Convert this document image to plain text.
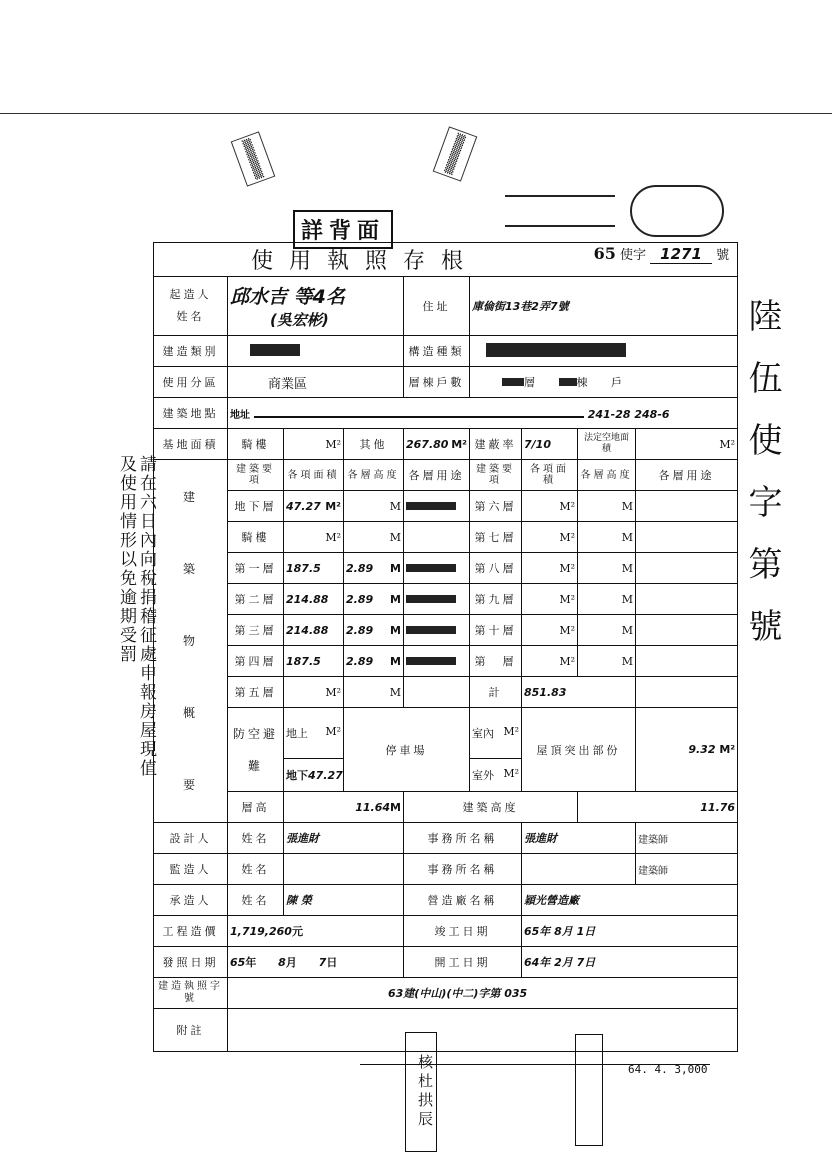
詳背面
▒
▒
▒
▒
▒
▒
請在六日內向稅捐稽征處申報房屋現值及使用情形以免逾期受罰	陸伍使字第號
使用執照存根 65 使字 1271 號								

起造人
姓名	邱水吉 等4名
(吳宏彬)			住址	庫倫街13巷2弄7號			
建造類別				構造種類				
使用分區	商業區			層棟戶數	層 棟 戶			
建築地點	地址 241-28 248-6							
基地面積	騎樓	M²	其他	267.80 M²	建蔽率	7/10	法定空地面積	M²

建
築
物
概
要	建築要項	各項面積	各層高度	各層用途	建築要項	各項面積	各層高度	各層用途
	地下層	47.27 M²	M		第六層	M²	M	

	騎樓	M²	M		第七層	M²	M	

	第一層	187.5	2.89 M		第八層	M²	M	

	第二層	214.88	2.89 M		第九層	M²	M	

	第三層	214.88	2.89 M		第十層	M²	M	

	第四層	187.5	2.89 M		第　層	M²	M	

	第五層	M²	M		計	851.83		
	防空避難	地上 M²	停車場		室內 M²	屋頂突出部份		9.32 M²
		地下47.27			室外 M²			

	層高	11.64M		建築高度			11.76	
設計人	姓名	張進財		事務所名稱		張進財		建築師
監造人	姓名			事務所名稱				建築師
承造人	姓名	陳 榮		營造廠名稱		穎光營造廠		
工程造價	1,719,260元			竣工日期		65年 8月 1日		
發照日期	65年 8月 7日			開工日期		64年 2月 7日		
建造執照字號	63建(中山)(中二)字第 035							
附註								
核杜拱辰	64. 4. 3,000
